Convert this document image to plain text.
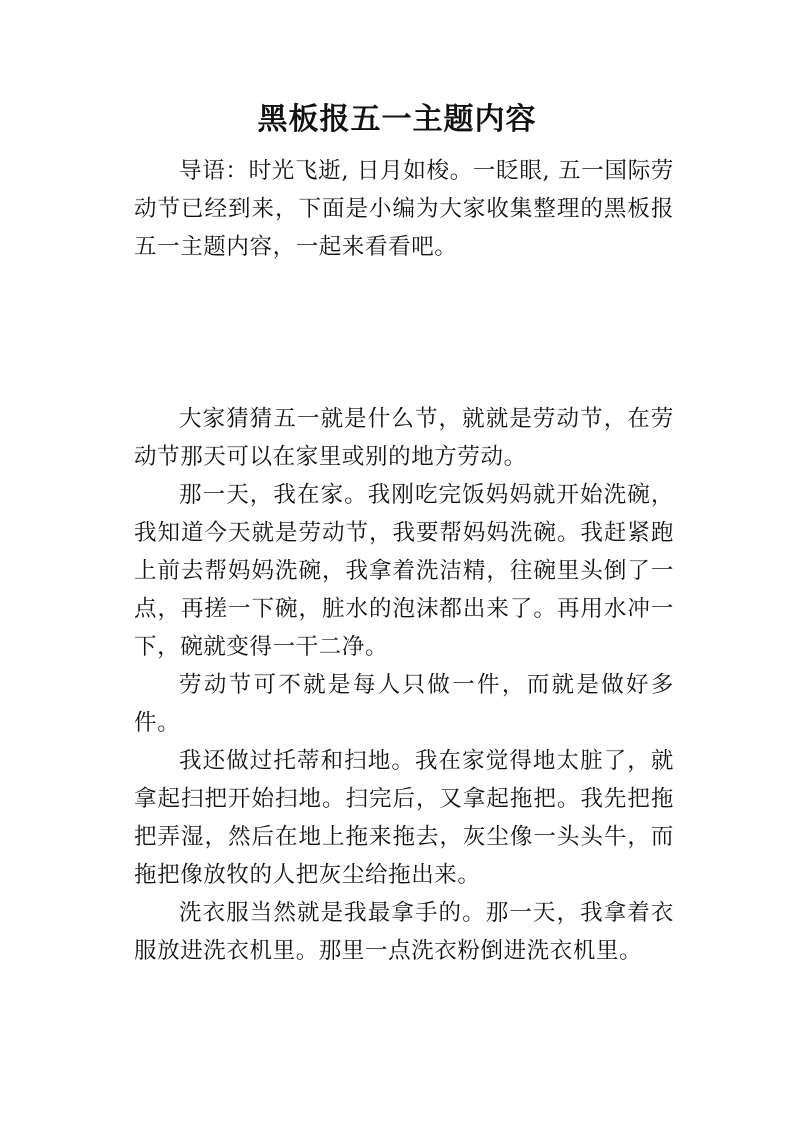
黑板报五一主题内容

导语：时光飞逝, 日月如梭。一眨眼, 五一国际劳动节已经到来，下面是小编为大家收集整理的黑板报五一主题内容，一起来看看吧。

大家猜猜五一就是什么节，就就是劳动节，在劳动节那天可以在家里或别的地方劳动。

那一天，我在家。我刚吃完饭妈妈就开始洗碗，我知道今天就是劳动节，我要帮妈妈洗碗。我赶紧跑上前去帮妈妈洗碗，我拿着洗洁精，往碗里头倒了一点，再搓一下碗，脏水的泡沫都出来了。再用水冲一下，碗就变得一干二净。

劳动节可不就是每人只做一件，而就是做好多件。

我还做过托蒂和扫地。我在家觉得地太脏了，就拿起扫把开始扫地。扫完后，又拿起拖把。我先把拖把弄湿，然后在地上拖来拖去，灰尘像一头头牛，而拖把像放牧的人把灰尘给拖出来。

洗衣服当然就是我最拿手的。那一天，我拿着衣服放进洗衣机里。那里一点洗衣粉倒进洗衣机里。
